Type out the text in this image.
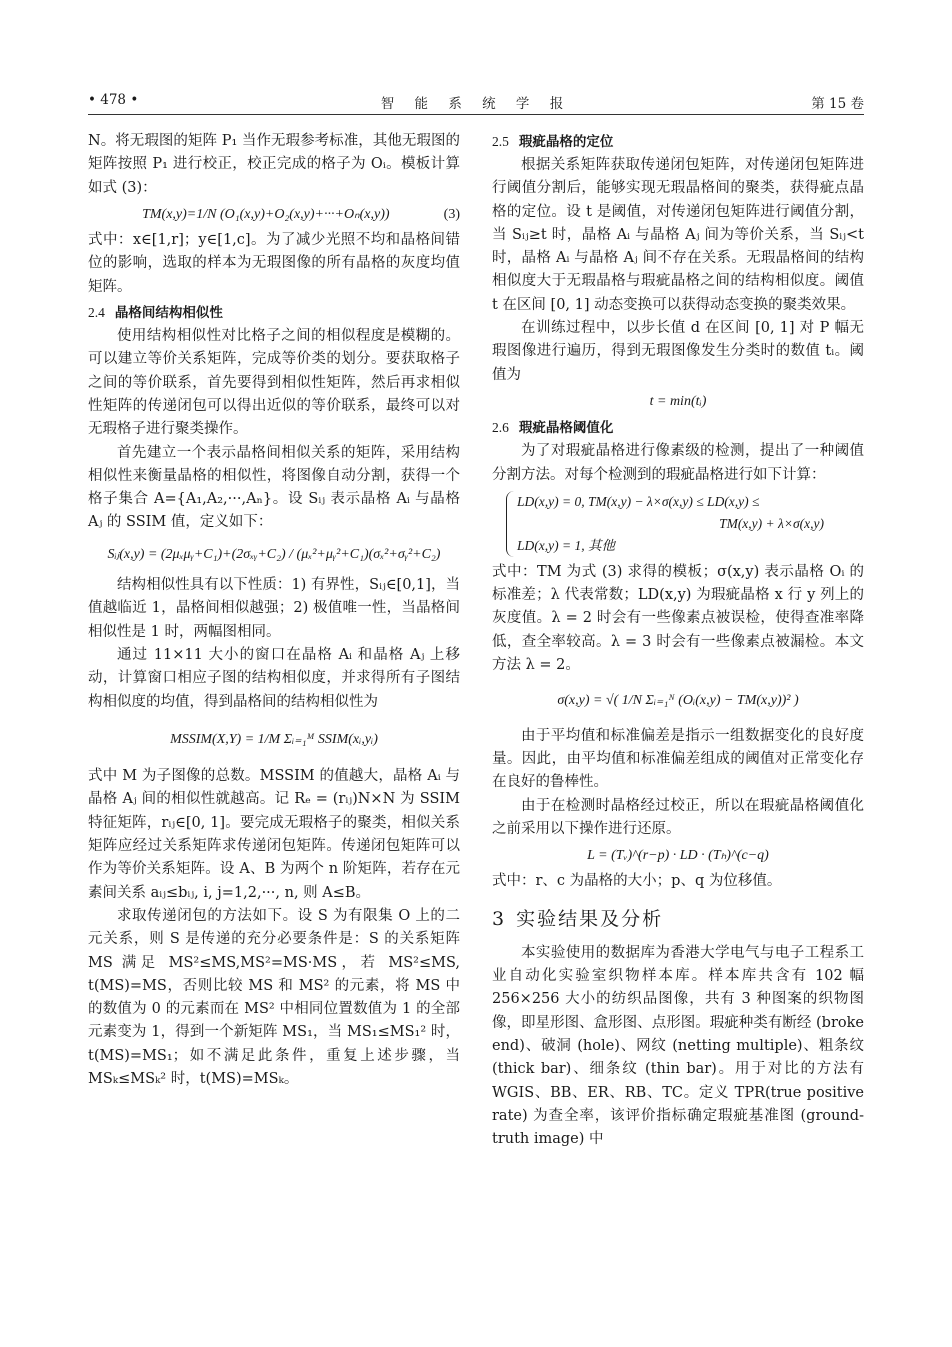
• 478 •	智 能 系 统 学 报	第 15 卷

N。将无瑕图的矩阵 P₁ 当作无瑕参考标准，其他无瑕图的矩阵按照 P₁ 进行校正，校正完成的格子为 Oᵢ。模板计算如式 (3)：

TM(x,y)=1/N (O₁(x,y)+O₂(x,y)+···+Oₙ(x,y))	(3)

式中：x∈[1,r]；y∈[1,c]。为了减少光照不均和晶格间错位的影响，选取的样本为无瑕图像的所有晶格的灰度均值矩阵。

2.4 晶格间结构相似性

使用结构相似性对比格子之间的相似程度是模糊的。可以建立等价关系矩阵，完成等价类的划分。要获取格子之间的等价联系，首先要得到相似性矩阵，然后再求相似性矩阵的传递闭包可以得出近似的等价联系，最终可以对无瑕格子进行聚类操作。

首先建立一个表示晶格间相似关系的矩阵，采用结构相似性来衡量晶格的相似性，将图像自动分割，获得一个格子集合 A={A₁,A₂,···,Aₙ}。设 Sᵢⱼ 表示晶格 Aᵢ 与晶格 Aⱼ 的 SSIM 值，定义如下：

Sᵢⱼ(x,y) = (2μₓμᵧ+C₁)+(2σₓᵧ+C₂) / (μₓ²+μᵧ²+C₁)(σₓ²+σᵧ²+C₂)

结构相似性具有以下性质：1) 有界性，Sᵢⱼ∈[0,1]，当值越临近 1，晶格间相似越强；2) 极值唯一性，当晶格间相似性是 1 时，两幅图相同。

通过 11×11 大小的窗口在晶格 Aᵢ 和晶格 Aⱼ 上移动，计算窗口相应子图的结构相似度，并求得所有子图结构相似度的均值，得到晶格间的结构相似性为

MSSIM(X,Y) = 1/M Σᵢ₌₁ᴹ SSIM(xᵢ,yᵢ)

式中 M 为子图像的总数。MSSIM 的值越大，晶格 Aᵢ 与晶格 Aⱼ 间的相似性就越高。记 Rₑ = (rᵢⱼ)N×N 为 SSIM 特征矩阵，rᵢⱼ∈[0, 1]。要完成无瑕格子的聚类，相似关系矩阵应经过关系矩阵求传递闭包矩阵。传递闭包矩阵可以作为等价关系矩阵。设 A、B 为两个 n 阶矩阵，若存在元素间关系 aᵢⱼ≤bᵢⱼ, i, j=1,2,···, n, 则 A≤B。

求取传递闭包的方法如下。设 S 为有限集 O 上的二元关系，则 S 是传递的充分必要条件是：S 的关系矩阵 MS 满足 MS²≤MS,MS²=MS·MS，若 MS²≤MS, t(MS)=MS，否则比较 MS 和 MS² 的元素，将 MS 中的数值为 0 的元素而在 MS² 中相同位置数值为 1 的全部元素变为 1，得到一个新矩阵 MS₁，当 MS₁≤MS₁² 时，t(MS)=MS₁；如不满足此条件，重复上述步骤，当 MSₖ≤MSₖ² 时，t(MS)=MSₖ。

2.5 瑕疵晶格的定位

根据关系矩阵获取传递闭包矩阵，对传递闭包矩阵进行阈值分割后，能够实现无瑕晶格间的聚类，获得疵点晶格的定位。设 t 是阈值，对传递闭包矩阵进行阈值分割，当 Sᵢⱼ≥t 时，晶格 Aᵢ 与晶格 Aⱼ 间为等价关系，当 Sᵢⱼ<t 时，晶格 Aᵢ 与晶格 Aⱼ 间不存在关系。无瑕晶格间的结构相似度大于无瑕晶格与瑕疵晶格之间的结构相似度。阈值 t 在区间 [0, 1] 动态变换可以获得动态变换的聚类效果。

在训练过程中，以步长值 d 在区间 [0, 1] 对 P 幅无瑕图像进行遍历，得到无瑕图像发生分类时的数值 tᵢ。阈值为

t = min(tᵢ)
2.6 瑕疵晶格阈值化

为了对瑕疵晶格进行像素级的检测，提出了一种阈值分割方法。对每个检测到的瑕疵晶格进行如下计算：

LD(x,y) = 0, TM(x,y) − λ×σ(x,y) ≤ LD(x,y) ≤
TM(x,y) + λ×σ(x,y)
LD(x,y) = 1, 其他

式中：TM 为式 (3) 求得的模板；σ(x,y) 表示晶格 Oᵢ 的标准差；λ 代表常数；LD(x,y) 为瑕疵晶格 x 行 y 列上的灰度值。λ = 2 时会有一些像素点被误检，使得查准率降低，查全率较高。λ = 3 时会有一些像素点被漏检。本文方法 λ = 2。

σ(x,y) = √( 1/N Σᵢ₌₁ᴺ (Oᵢ(x,y) − TM(x,y))² )

由于平均值和标准偏差是指示一组数据变化的良好度量。因此，由平均值和标准偏差组成的阈值对正常变化存在良好的鲁棒性。

由于在检测时晶格经过校正，所以在瑕疵晶格阈值化之前采用以下操作进行还原。

L = (Tᵥ)^(r−p) · LD · (Tₕ)^(c−q)

式中：r、c 为晶格的大小；p、q 为位移值。

3 实验结果及分析

本实验使用的数据库为香港大学电气与电子工程系工业自动化实验室织物样本库。样本库共含有 102 幅 256×256 大小的纺织品图像，共有 3 种图案的织物图像，即星形图、盒形图、点形图。瑕疵种类有断经 (broke end)、破洞 (hole)、网纹 (netting multiple)、粗条纹 (thick bar)、细条纹 (thin bar)。用于对比的方法有 WGIS、BB、ER、RB、TC。定义 TPR(true positive rate) 为查全率，该评价指标确定瑕疵基准图 (ground-truth image) 中
